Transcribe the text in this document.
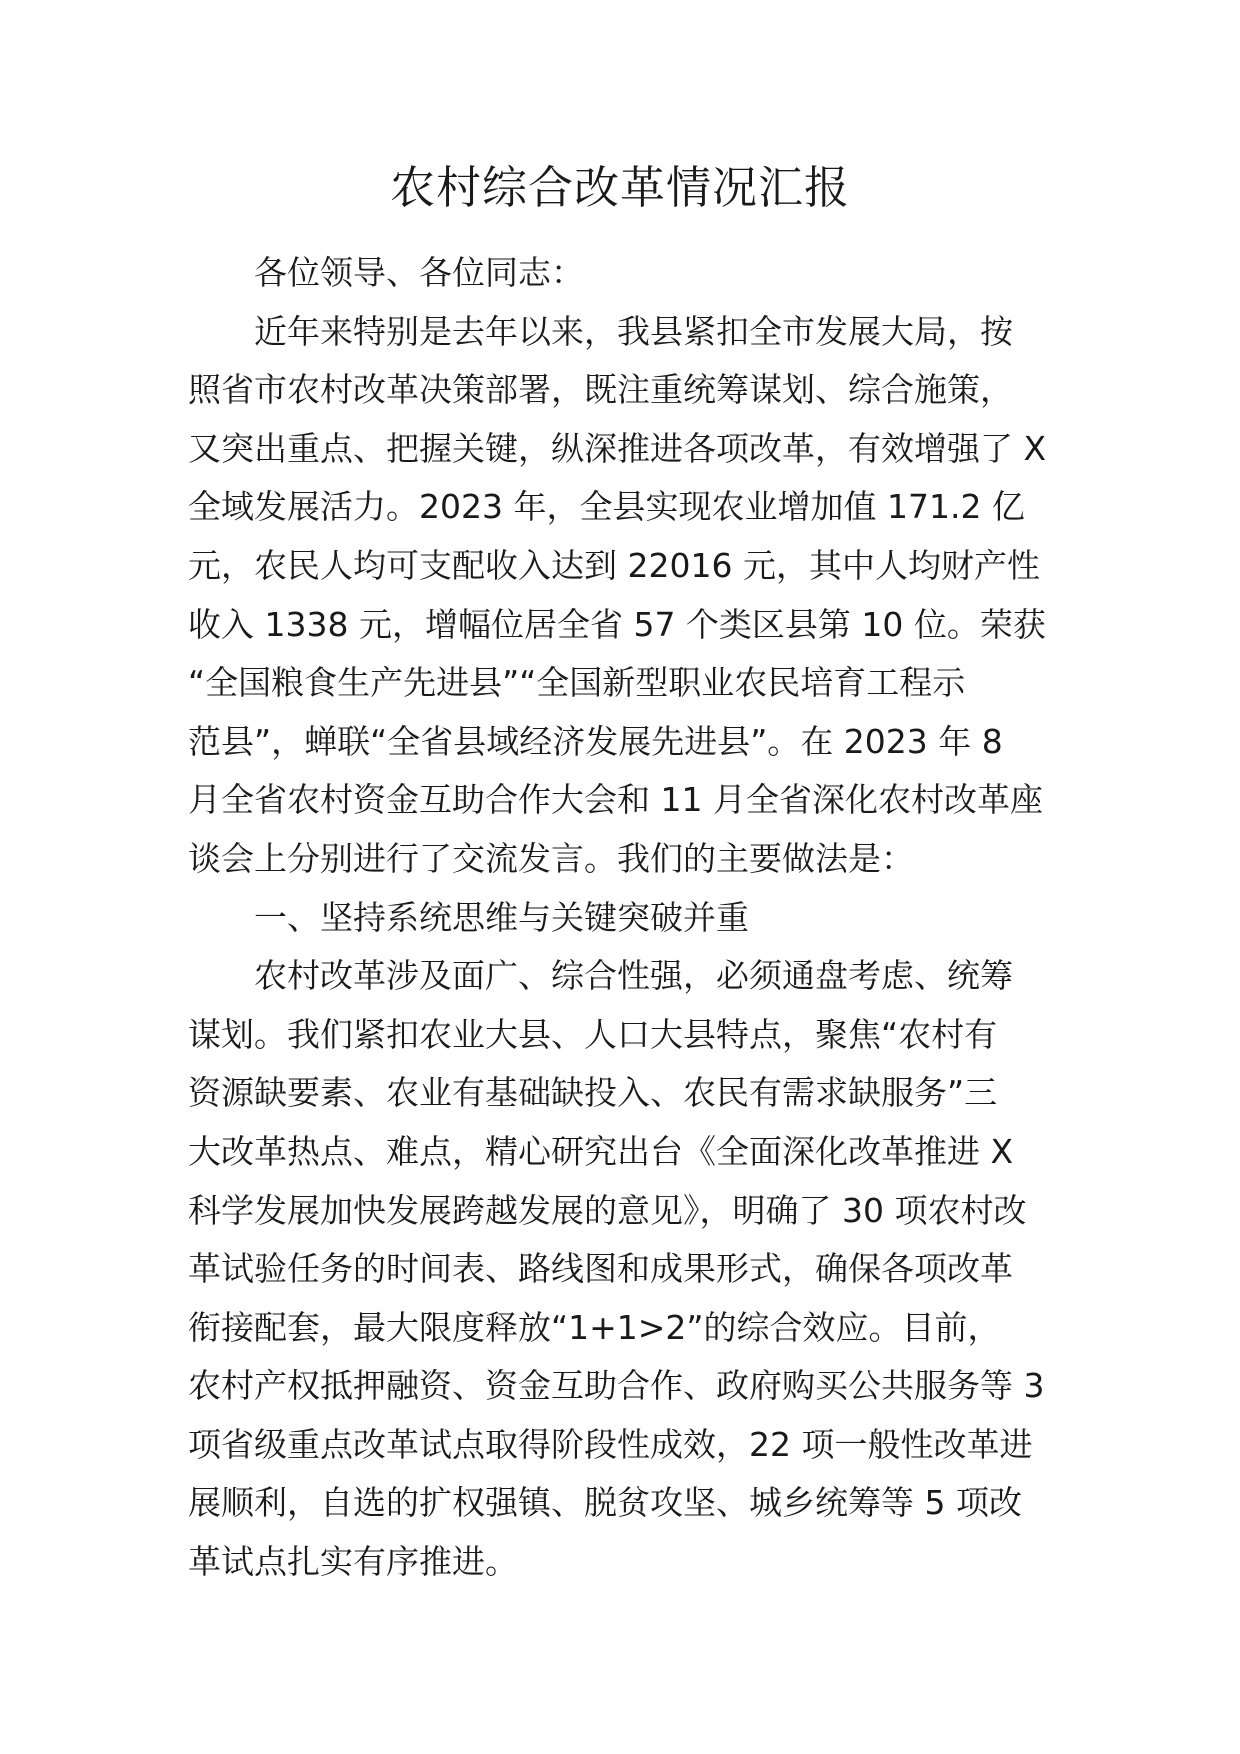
农村综合改革情况汇报
各位领导、各位同志：
近年来特别是去年以来，我县紧扣全市发展大局，按
照省市农村改革决策部署，既注重统筹谋划、综合施策，
又突出重点、把握关键，纵深推进各项改革，有效增强了 X
全域发展活力。2023 年，全县实现农业增加值 171.2 亿
元，农民人均可支配收入达到 22016 元，其中人均财产性
收入 1338 元，增幅位居全省 57 个类区县第 10 位。荣获
“全国粮食生产先进县”“全国新型职业农民培育工程示
范县”，蝉联“全省县域经济发展先进县”。在 2023 年 8
月全省农村资金互助合作大会和 11 月全省深化农村改革座
谈会上分别进行了交流发言。我们的主要做法是：
一、坚持系统思维与关键突破并重
农村改革涉及面广、综合性强，必须通盘考虑、统筹
谋划。我们紧扣农业大县、人口大县特点，聚焦“农村有
资源缺要素、农业有基础缺投入、农民有需求缺服务”三
大改革热点、难点，精心研究出台《全面深化改革推进 X
科学发展加快发展跨越发展的意见》，明确了 30 项农村改
革试验任务的时间表、路线图和成果形式，确保各项改革
衔接配套，最大限度释放“1+1>2”的综合效应。目前，
农村产权抵押融资、资金互助合作、政府购买公共服务等 3
项省级重点改革试点取得阶段性成效，22 项一般性改革进
展顺利，自选的扩权强镇、脱贫攻坚、城乡统筹等 5 项改
革试点扎实有序推进。
